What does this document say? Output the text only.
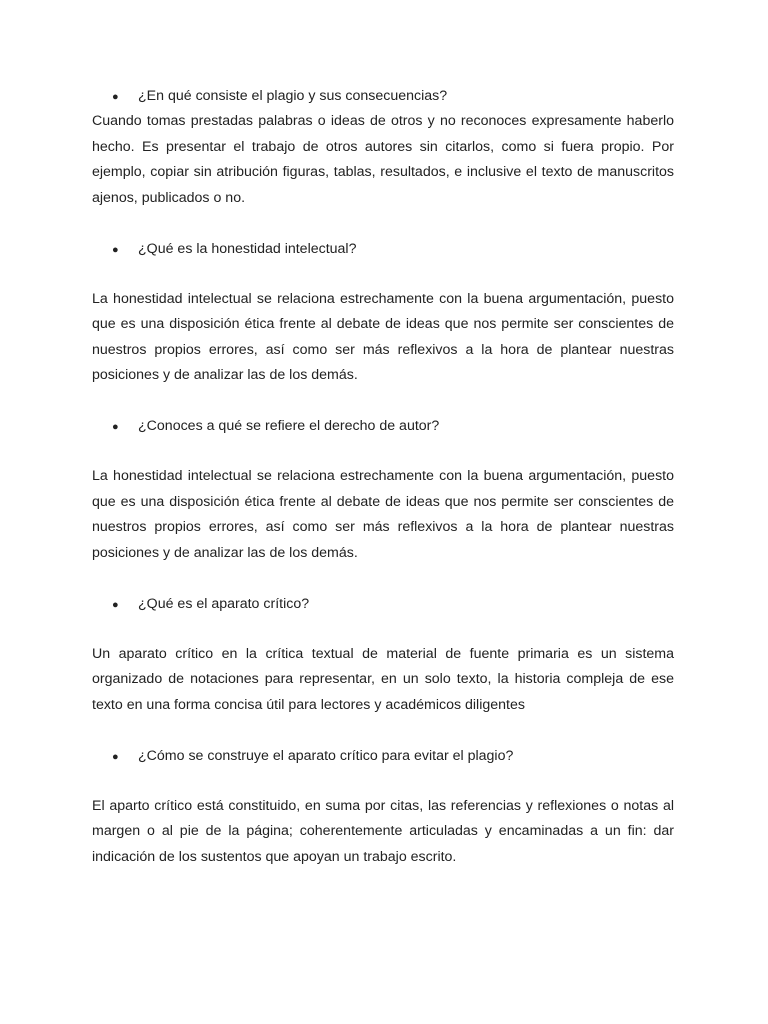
●	¿En qué consiste el plagio y sus consecuencias?

Cuando tomas prestadas palabras o ideas de otros y no reconoces expresamente haberlo hecho. Es presentar el trabajo de otros autores sin citarlos, como si fuera propio. Por ejemplo, copiar sin atribución figuras, tablas, resultados, e inclusive el texto de manuscritos ajenos, publicados o no.

●	¿Qué es la honestidad intelectual?

La honestidad intelectual se relaciona estrechamente con la buena argumentación, puesto que es una disposición ética frente al debate de ideas que nos permite ser conscientes de nuestros propios errores, así como ser más reflexivos a la hora de plantear nuestras posiciones y de analizar las de los demás.

●	¿Conoces a qué se refiere el derecho de autor?

La honestidad intelectual se relaciona estrechamente con la buena argumentación, puesto que es una disposición ética frente al debate de ideas que nos permite ser conscientes de nuestros propios errores, así como ser más reflexivos a la hora de plantear nuestras posiciones y de analizar las de los demás.

●	¿Qué es el aparato crítico?

Un aparato crítico en la crítica textual de material de fuente primaria es un sistema organizado de notaciones para representar, en un solo texto, la historia compleja de ese texto en una forma concisa útil para lectores y académicos diligentes

●	¿Cómo se construye el aparato crítico para evitar el plagio?

El aparto crítico está constituido, en suma por citas, las referencias y reflexiones o notas al margen o al pie de la página; coherentemente articuladas y encaminadas a un fin: dar indicación de los sustentos que apoyan un trabajo escrito.
